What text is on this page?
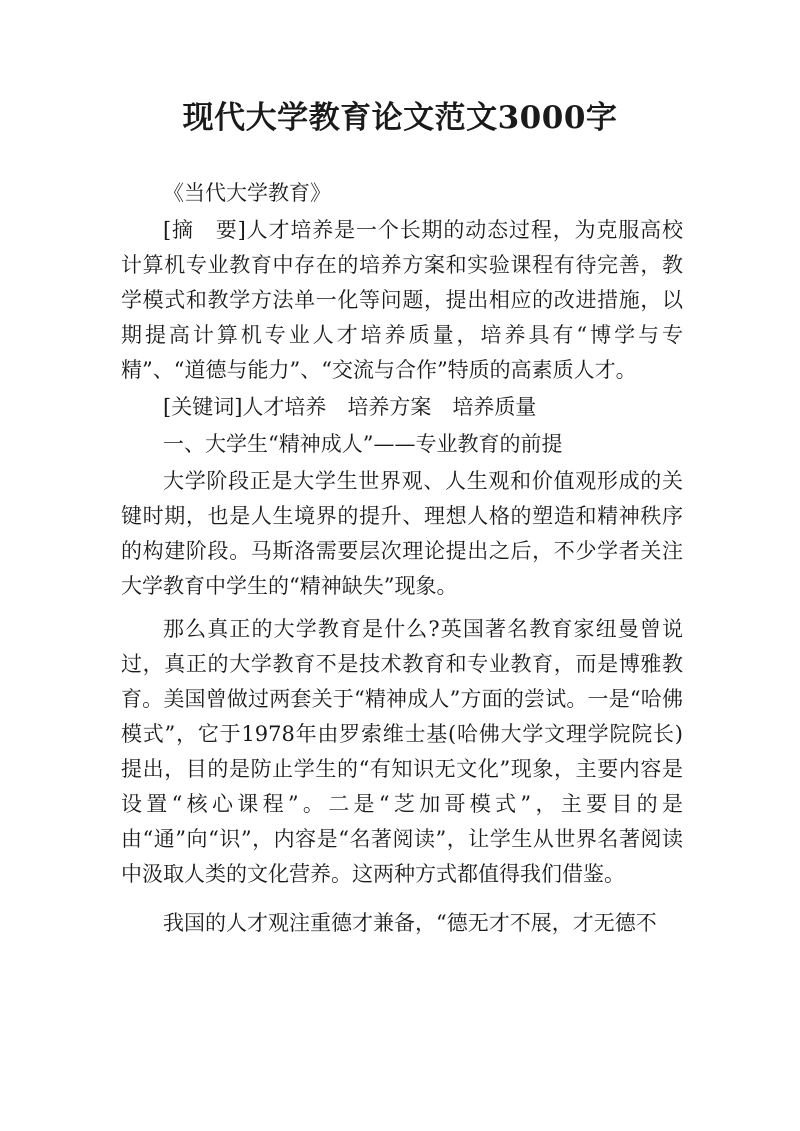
现代大学教育论文范文3000字

《当代大学教育》

[摘　要]人才培养是一个长期的动态过程，为克服高校计算机专业教育中存在的培养方案和实验课程有待完善，教学模式和教学方法单一化等问题，提出相应的改进措施，以期提高计算机专业人才培养质量，培养具有“博学与专精”、“道德与能力”、“交流与合作”特质的高素质人才。

[关键词]人才培养　培养方案　培养质量

一、大学生“精神成人”——专业教育的前提

大学阶段正是大学生世界观、人生观和价值观形成的关键时期，也是人生境界的提升、理想人格的塑造和精神秩序的构建阶段。马斯洛需要层次理论提出之后，不少学者关注大学教育中学生的“精神缺失”现象。

那么真正的大学教育是什么?英国著名教育家纽曼曾说过，真正的大学教育不是技术教育和专业教育，而是博雅教育。美国曾做过两套关于“精神成人”方面的尝试。一是“哈佛模式”，它于1978年由罗索维士基(哈佛大学文理学院院长)提出，目的是防止学生的“有知识无文化”现象，主要内容是设置“核心课程”。二是“芝加哥模式”，主要目的是由“通”向“识”，内容是“名著阅读”，让学生从世界名著阅读中汲取人类的文化营养。这两种方式都值得我们借鉴。

我国的人才观注重德才兼备，“德无才不展，才无德不
